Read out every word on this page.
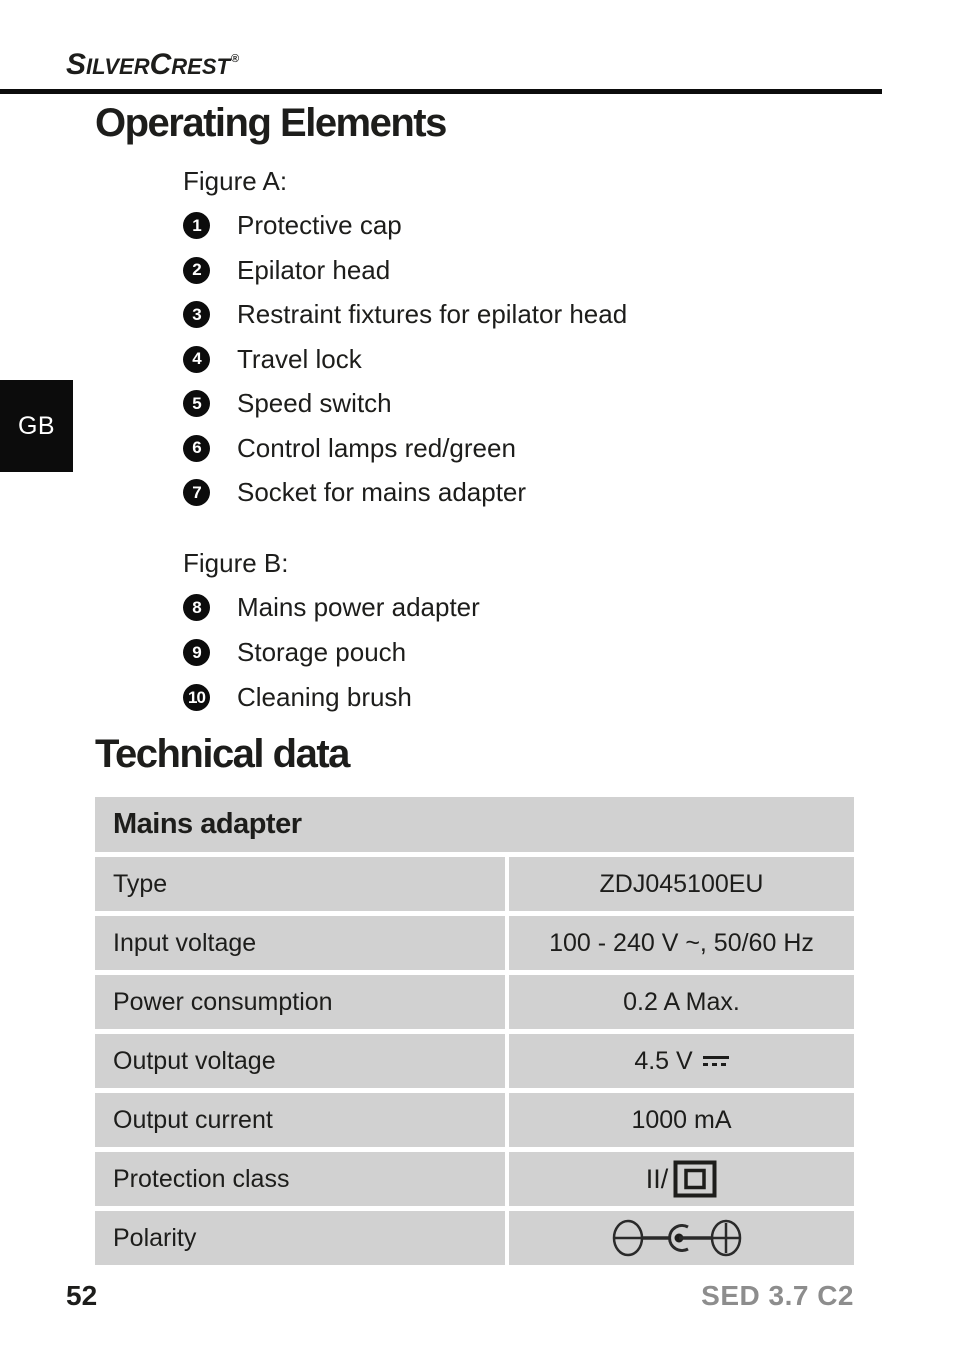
SILVERCREST®
Operating Elements
Figure A:
1	Protective cap
2	Epilator head
3	Restraint fixtures for epilator head
4	Travel lock
5	Speed switch
6	Control lamps red/green
7	Socket for mains adapter
GB
Figure B:
8	Mains power adapter
9	Storage pouch
10 Cleaning brush
Technical data
Mains adapter
Type	ZDJ045100EU
Input voltage	100 - 240 V ~, 50/60 Hz
Power consumption	0.2 A Max.
Output voltage	4.5 V
Output current	1000 mA
Protection class	II/
Polarity
52	SED 3.7 C2
